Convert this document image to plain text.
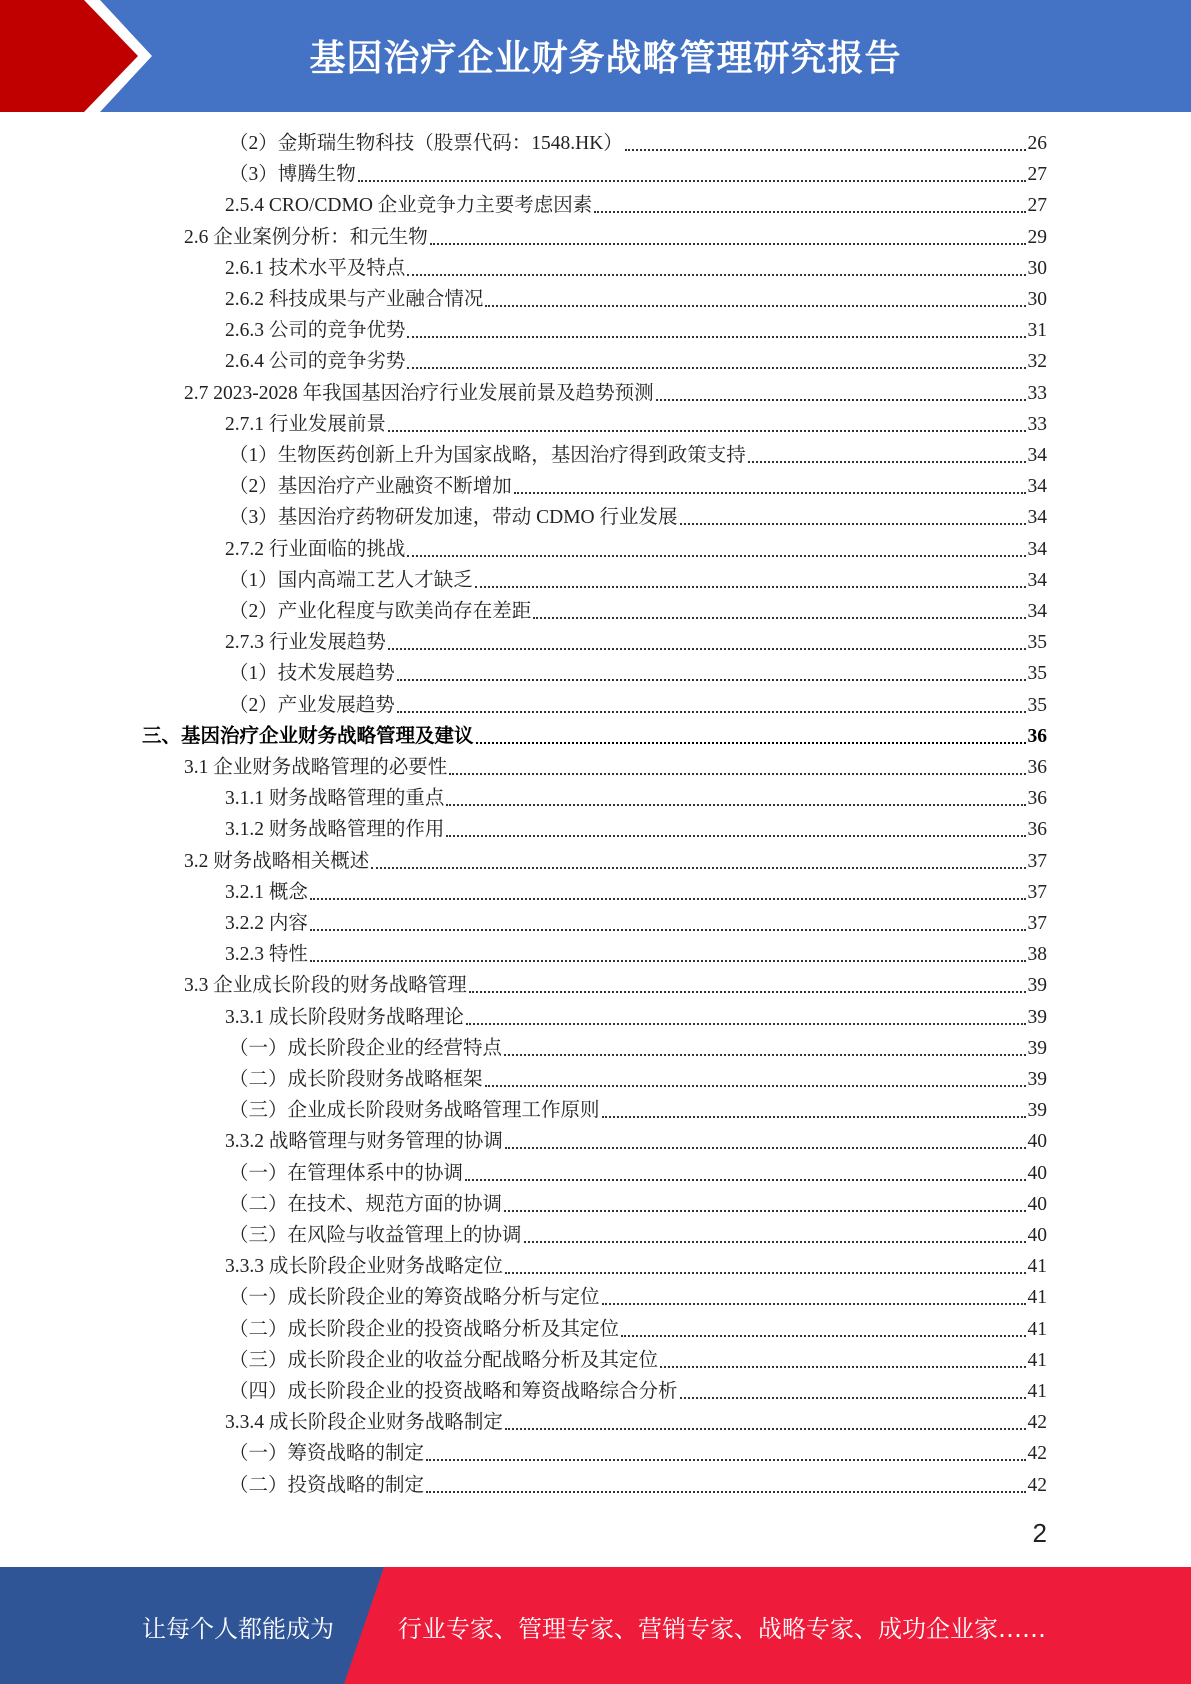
基因治疗企业财务战略管理研究报告
（2）金斯瑞生物科技（股票代码：1548.HK）	26
（3）博腾生物	27
2.5.4 CRO/CDMO 企业竞争力主要考虑因素	27
2.6 企业案例分析：和元生物	29
2.6.1 技术水平及特点	30
2.6.2 科技成果与产业融合情况	30
2.6.3 公司的竞争优势	31
2.6.4 公司的竞争劣势	32
2.7 2023-2028 年我国基因治疗行业发展前景及趋势预测	33
2.7.1 行业发展前景	33
（1）生物医药创新上升为国家战略，基因治疗得到政策支持	34
（2）基因治疗产业融资不断增加	34
（3）基因治疗药物研发加速，带动 CDMO 行业发展	34
2.7.2 行业面临的挑战	34
（1）国内高端工艺人才缺乏	34
（2）产业化程度与欧美尚存在差距	34
2.7.3 行业发展趋势	35
（1）技术发展趋势	35
（2）产业发展趋势	35
三、基因治疗企业财务战略管理及建议	36
3.1 企业财务战略管理的必要性	36
3.1.1 财务战略管理的重点	36
3.1.2 财务战略管理的作用	36
3.2 财务战略相关概述	37
3.2.1 概念	37
3.2.2 内容	37
3.2.3 特性	38
3.3 企业成长阶段的财务战略管理	39
3.3.1 成长阶段财务战略理论	39
（一）成长阶段企业的经营特点	39
（二）成长阶段财务战略框架	39
（三）企业成长阶段财务战略管理工作原则	39
3.3.2 战略管理与财务管理的协调	40
（一）在管理体系中的协调	40
（二）在技术、规范方面的协调	40
（三）在风险与收益管理上的协调	40
3.3.3 成长阶段企业财务战略定位	41
（一）成长阶段企业的筹资战略分析与定位	41
（二）成长阶段企业的投资战略分析及其定位	41
（三）成长阶段企业的收益分配战略分析及其定位	41
（四）成长阶段企业的投资战略和筹资战略综合分析	41
3.3.4 成长阶段企业财务战略制定	42
（一）筹资战略的制定	42
（二）投资战略的制定	42
2
让每个人都能成为	行业专家、管理专家、营销专家、战略专家、成功企业家……
